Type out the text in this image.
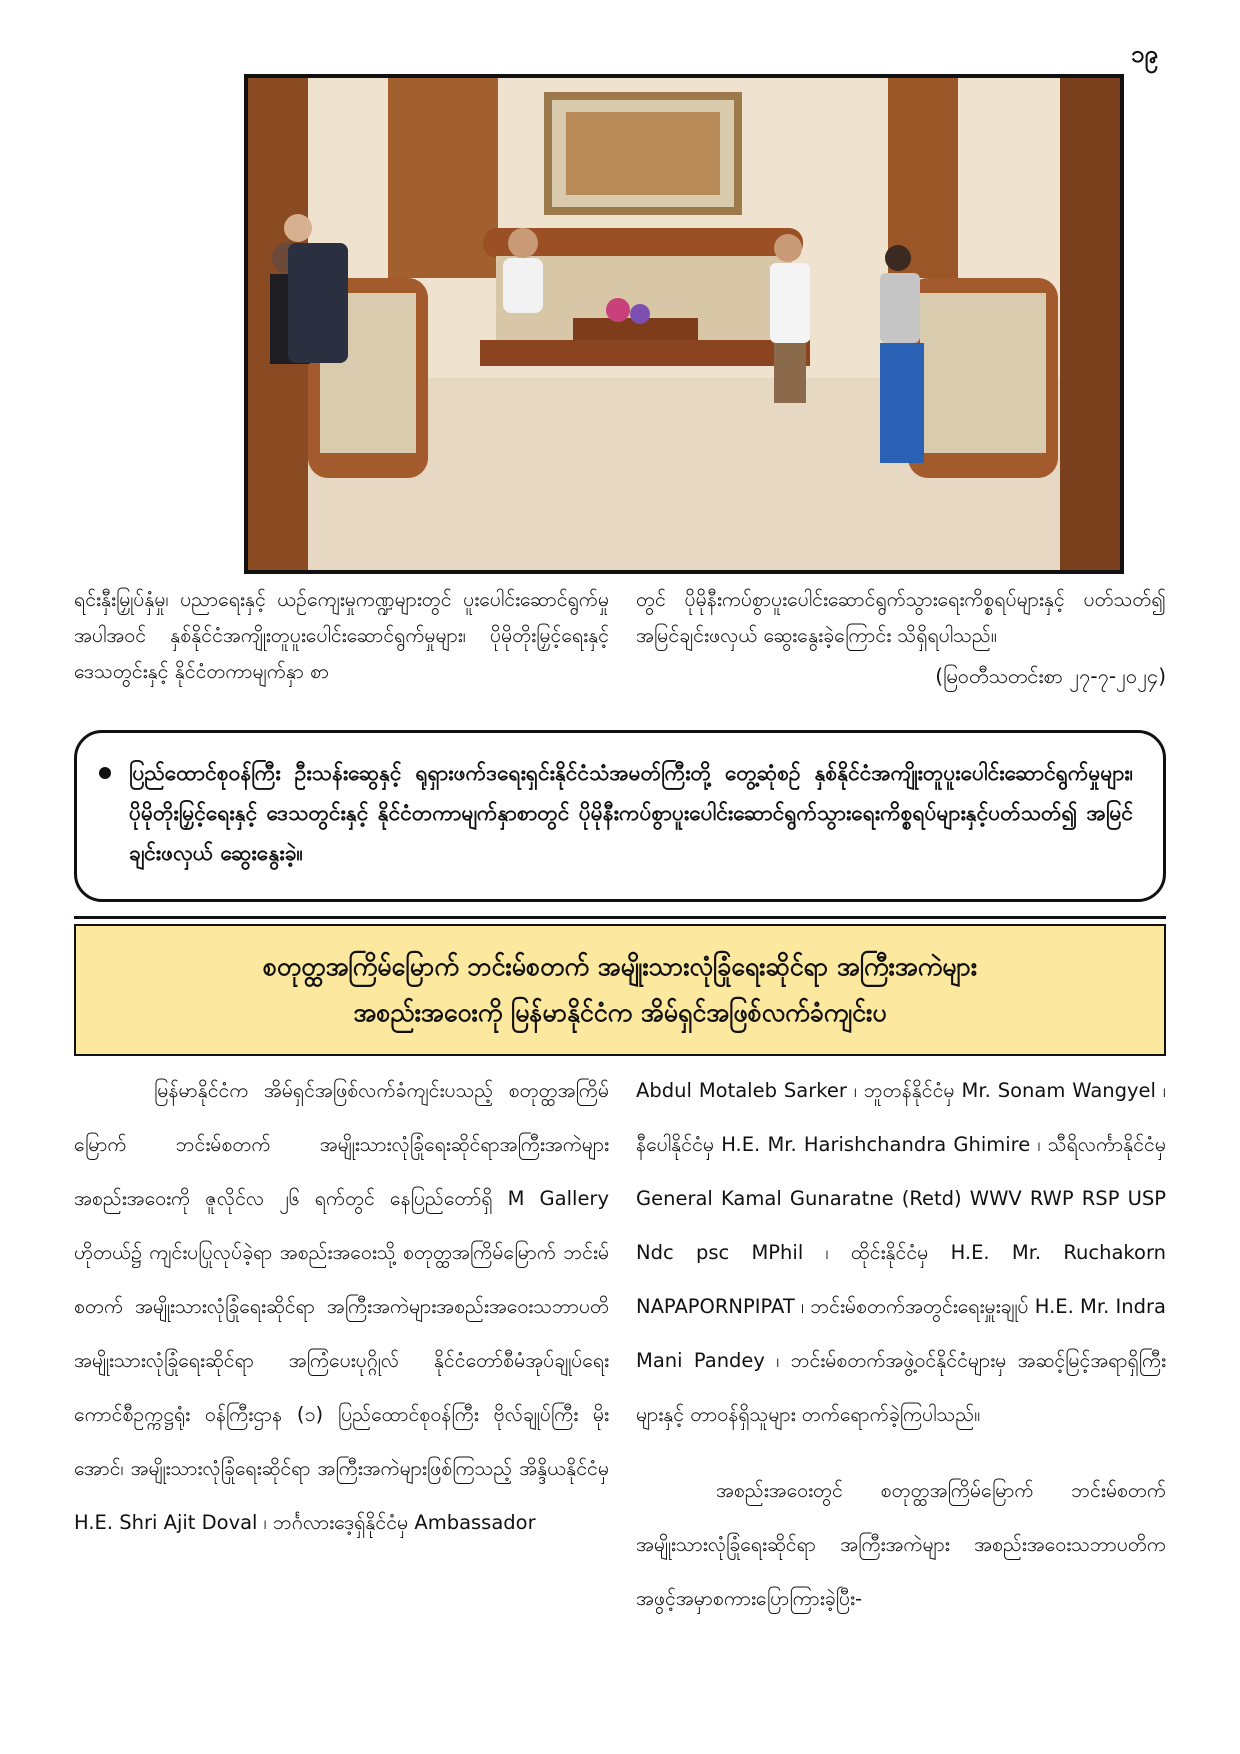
၁၉
ရင်းနှီးမြှုပ်နှံမှု၊ ပညာရေးနှင့် ယဉ်ကျေးမှုကဏ္ဍများတွင် ပူးပေါင်းဆောင်ရွက်မှုအပါအဝင် နှစ်နိုင်ငံအကျိုးတူပူးပေါင်းဆောင်ရွက်မှုများ၊ ပိုမိုတိုးမြှင့်ရေးနှင့် ဒေသတွင်းနှင့် နိုင်ငံတကာမျက်နှာ စာ
တွင် ပိုမိုနီးကပ်စွာပူးပေါင်းဆောင်ရွက်သွားရေးကိစ္စရပ်များနှင့် ပတ်သတ်၍ အမြင်ချင်းဖလှယ် ဆွေးနွေးခဲ့ကြောင်း သိရှိရပါသည်။
(မြဝတီသတင်းစာ ၂၇-၇-၂၀၂၄)
ပြည်ထောင်စုဝန်ကြီး ဦးသန်းဆွေနှင့် ရုရှားဖက်ဒရေးရှင်းနိုင်ငံသံအမတ်ကြီးတို့ တွေ့ဆုံစဉ် နှစ်နိုင်ငံအကျိုးတူပူးပေါင်းဆောင်ရွက်မှုများ၊ ပိုမိုတိုးမြှင့်ရေးနှင့် ဒေသတွင်းနှင့် နိုင်ငံတကာမျက်နှာစာတွင် ပိုမိုနီးကပ်စွာပူးပေါင်းဆောင်ရွက်သွားရေးကိစ္စရပ်များနှင့်ပတ်သတ်၍ အမြင်ချင်းဖလှယ် ဆွေးနွေးခဲ့။
စတုတ္ထအကြိမ်မြောက် ဘင်းမ်စတက် အမျိုးသားလုံခြုံရေးဆိုင်ရာ အကြီးအကဲများ
အစည်းအဝေးကို မြန်မာနိုင်ငံက အိမ်ရှင်အဖြစ်လက်ခံကျင်းပ
မြန်မာနိုင်ငံက အိမ်ရှင်အဖြစ်လက်ခံကျင်းပသည့် စတုတ္ထအကြိမ်မြောက် ဘင်းမ်စတက် အမျိုးသားလုံခြုံရေးဆိုင်ရာအကြီးအကဲများအစည်းအဝေးကို ဇူလိုင်လ ၂၆ ရက်တွင် နေပြည်တော်ရှိ M Gallery ဟိုတယ်၌ ကျင်းပပြုလုပ်ခဲ့ရာ အစည်းအဝေးသို့ စတုတ္ထအကြိမ်မြောက် ဘင်းမ်စတက် အမျိုးသားလုံခြုံရေးဆိုင်ရာ အကြီးအကဲများအစည်းအဝေးသဘာပတိ အမျိုးသားလုံခြုံရေးဆိုင်ရာ အကြံပေးပုဂ္ဂိုလ် နိုင်ငံတော်စီမံအုပ်ချုပ်ရေးကောင်စီဥက္ကဋ္ဌရုံး ဝန်ကြီးဌာန (၁) ပြည်ထောင်စုဝန်ကြီး ဗိုလ်ချုပ်ကြီး မိုးအောင်၊ အမျိုးသားလုံခြုံရေးဆိုင်ရာ အကြီးအကဲများဖြစ်ကြသည့် အိန္ဒိယနိုင်ငံမှ H.E. Shri Ajit Doval ၊ ဘင်္ဂလားဒေ့ရှ်နိုင်ငံမှ Ambassador

Abdul Motaleb Sarker ၊ ဘူတန်နိုင်ငံမှ Mr. Sonam Wangyel ၊ နီပေါနိုင်ငံမှ H.E. Mr. Harishchandra Ghimire ၊ သီရိလင်္ကာနိုင်ငံမှ General Kamal Gunaratne (Retd) WWV RWP RSP USP Ndc psc MPhil ၊ ထိုင်းနိုင်ငံမှ H.E. Mr. Ruchakorn NAPAPORNPIPAT ၊ ဘင်းမ်စတက်အတွင်းရေးမှူးချုပ် H.E. Mr. Indra Mani Pandey ၊ ဘင်းမ်စတက်အဖွဲ့ဝင်နိုင်ငံများမှ အဆင့်မြင့်အရာရှိကြီးများနှင့် တာဝန်ရှိသူများ တက်ရောက်ခဲ့ကြပါသည်။

အစည်းအဝေးတွင် စတုတ္ထအကြိမ်မြောက် ဘင်းမ်စတက်အမျိုးသားလုံခြုံရေးဆိုင်ရာ အကြီးအကဲများ အစည်းအဝေးသဘာပတိက အဖွင့်အမှာစကားပြောကြားခဲ့ပြီး-
